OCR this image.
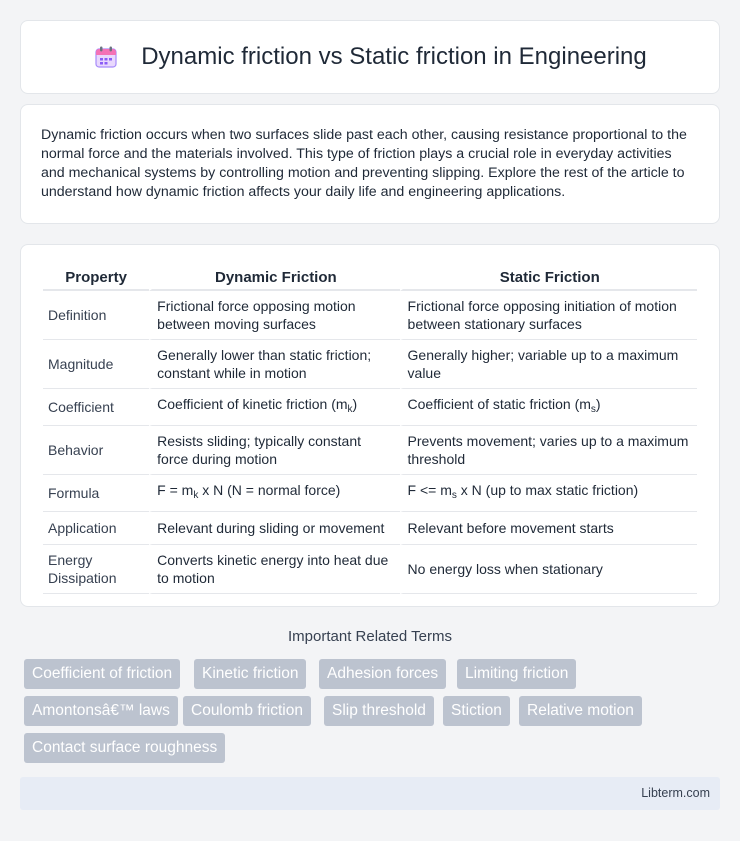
Dynamic friction vs Static friction in Engineering

Dynamic friction occurs when two surfaces slide past each other, causing resistance proportional to the normal force and the materials involved. This type of friction plays a crucial role in everyday activities and mechanical systems by controlling motion and preventing slipping. Explore the rest of the article to understand how dynamic friction affects your daily life and engineering applications.

Property	Dynamic Friction	Static Friction
Definition	Frictional force opposing motion between moving surfaces	Frictional force opposing initiation of motion between stationary surfaces
Magnitude	Generally lower than static friction; constant while in motion	Generally higher; variable up to a maximum value
Coefficient	Coefficient of kinetic friction $(m_k)$	Coefficient of static friction $(m_s)$
Behavior	Resists sliding; typically constant force during motion	Prevents movement; varies up to a maximum threshold
Formula	$F = m_k$ x N (N = normal force)	$F <= m_s$ x N (up to max static friction)
Application	Relevant during sliding or movement	Relevant before movement starts
Energy Dissipation	Converts kinetic energy into heat due to motion	No energy loss when stationary
Important Related Terms
Coefficient of friction	Kinetic friction	Adhesion forces	Limiting friction
Amontonsâ€™ laws	Coulomb friction	Slip threshold	Stiction	Relative motion
Contact surface roughness
Libterm.com
